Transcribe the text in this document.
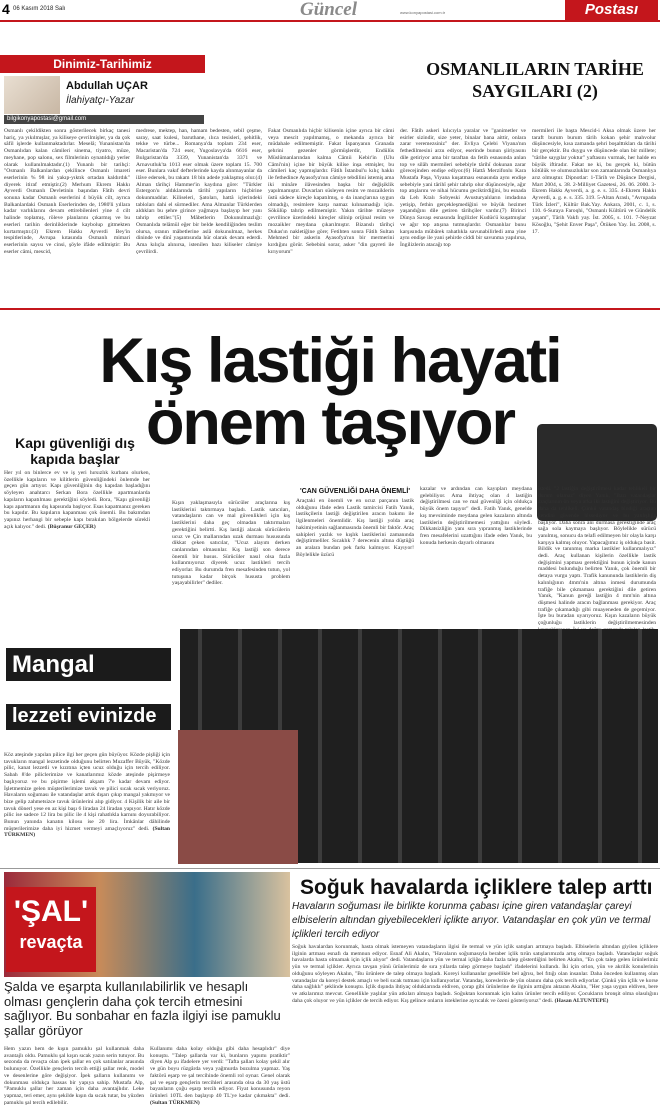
4 06 Kasım 2018 Salı	Güncel	www.konyapostasi.com.tr	Postası
Dinimiz-Tarihimiz
Abdullah UÇAR
İlahiyatçı-Yazar
bilgikonyapostasi@gmail.com
OSMANLILARIN TARİHE SAYGILARI (2)
Osmanlı çekildikten sonra gösterilecek birkaç tanesi hariç, ya yıkılmışlar, ya kiliseye çevrilmişler, ya da çok sâfil işlerde kullanmaktadırlar. Meselâ; Yunanistan'da Osmanlıdan kalan câmileri sinema, tiyatro, müze, meyhane, pop salonu, sex filmlerinin oynatıldığı yerler olarak kullanılmaktadır.(1) Yunanlı bir tarihçi: "Osmanlı Balkanlardan çekilince Osmanlı imareti eserlerinin % 98 ini yakıp-yıktık ortadan kaldırdık" diyerek itiraf etmiştir.(2) Merhum Ekrem Hakkı Ayverdi Osmanlı Devletinin başından Fâtih devri sonuna kadar Osmanlı eserlerini 4 büyük cilt, ayrıca Balkanlardaki Osmanlı Eserlerinden de, 1980'li yıllara kadar varlıklarını devam ettirebilenleri yine 4 cilt halinde toplamış, röleve planlarını çıkarmış ve bu eserleri tarihin derinliklerinde kaybolup gitmekten kurtarmıştır.(3) Ekrem Hakkı Ayverdi Bey'in tespitlerinde, Avrupa kıtasında Osmanlı mimari eserlerinin sayısı ve cinsi, şöyle ifâde edilmiştir: Bu eserler câmi, mescid,
medrese, mektep, han, hamam bedesten, sebil çeşme, saray, saat kulesi, baruthane, ılıca tesisleri, şehitlik, tekke ve türbe... Romanya'da toplam 234 eser, Macaristan'da 724 eser, Yugoslavya'da 6616 eser, Bulgaristan'da 3339, Yunanistan'da 3371 ve Arnavutluk'ta 1013 eser olmak üzere toplam 15. 700 eser. Bunlara vakıf defterlerinde kayda alınmayanlar da ilâve edersek, bu rakam 18 bin adede yaklaşmış olur.(4) Alman târihçi Hammer'in kaydına göre: "Türkler Estergon'u aldıklarında târihî yapıların hiçbirine dokunmadılar. Kiliseleri, Şatoları, hattâ içlerindeki tabloları dahi el sürmediler. Ama Almanlar Türklerden aldıkları bu şehre girince yağmaya başlayıp her yanı tahrip ettiler."(5) Mâbetlerin Dokunulmazlığı: Osmanlıda telâmül eğer bir belde kendiliğinden teslim olursa, oranın mâbetlerine aslâ dokunulmaz, herkes dininde ve dinî yaşantısında hür olarak devam ederdi. Ama kılıçla alınırsa, istenilen bazı kiliseler câmiye çevrilirdi.
Fakat Osmanlıda hiçbir kilisenin içine ayrıca bir câmi veya mescit yapılmamış, o mekanda ayrıca bir müdahale edilmemiştir. Fakat İspanyanın Granada şehrini gezenler görmüşlerdir, Endülüs Müslümanlarından kalma Câmii Kebir'in (Ulu Câmi'nin) içine bir büyük kilise inşa etmişler, bu câmileri kaç yapmışlardır. Fâtih İstanbul'u kılıç hakkı ile fethedince Ayasofya'nın câmiye tebdilini istemiş ama iki minâre ilâvesinden başka bir değişiklik yapılmamıştır. Duvarları süsleyen resim ve mozaiklerin üstü sâdece kireçle kapatılmış, o da inançlarına uygun olmadığı, resimlere karşı namaz kılınamadığı için. Sökülüp tahrip edilmemiştir. Yakın târihte müzeye çevrilince üzerindeki kireçler silinip orijinal resim ve mozaikler meydana çıkarılmıştır. Bizanslı târihçi Dukas'ın nakletiğine göre; Fetihten sonra Fâtih Sultan Mehmed bir askerin Ayasofya'nın bir mermerini kırdığını görür. Sebebini sorar, asker "din gayreti ile kırıyorum"
der. Fâtih askeri kılıcıyla yaralar ve "ganimetler ve esirler sizindir, size yeter, binalar bana aittir, onlara zarar veremezsiniz" der. Evliya Çelebi Viyana'nın fethedilmesini arzu ediyor, eserinde bunun şiiriyasını dile getiriyor ama bir taraftan da fetih esnasında anlan top ve silâh mermileri sebebiyle târihî dokunan zarar görecejinden endişe ediyor.(6) Hattâ Merzifonlu Kara Mustafa Paşa, Viyana kuşatması esnasında aynı endişe sebebiyle yani târihî şehir tahrip olur düşüncesiyle, ağır top atışlarını ve nihai hücumu geciktirdiğini, bu esnada da Leh Kralı Sobyeski Avusturyalıların imdadına yetişip, fethin gerçekleşmediğini ve büyük hezimet yaşandığını dile getiren târihçiler vardır.(7) Birinci Dünya Savaşı esnasında İngilizler Kudüs'ü kuşatmışlar ve ağır top atışına tutmuşlardır. Osmanlılar bunu karşısında mübârek rahatlıkla savunabilirledi ama yine aynı endişe ile yani şehirde ciddi bir savunma yapılırsa, İngilizlerin atacağı top
mermileri ile başta Mescid-i Aksa olmak üzere her taraft burum burum târih kokan şehir mahvolur düşüncesiyle, kısa zamanda şehri boşalttıkları da târihi bir gerçektir. Bu duygu ve düşüncede olan bir millete; "târihe saygılar yoktur" yaftasını vurmak, her halde en büyük iftiradır. Fakat ne ki, bu gerçek ki, bütün kötülük ve olumsuzluklar son zamanlarında Osmanlıya arız olmuştur. Dipnotlar: 1-Târih ve Düşünce Dergisi, Mart 2004, s. 38. 2-Milliyet Gazetesi, 26. 06. 2000. 3-Ekrem Hakkı Ayverdi, a. g. e. s. 335. 4-Ekrem Hakkı Ayverdi, a. g. e. s. 335. 319. 5-Altan Araslı, "Avrupada Türk İzleri", Kültür Bak.Yay. Ankara, 2001, c. 1, s. 110. 6-Suraya Faroqhi, "Osmanlı Kültürü ve Gündelik yaşam", Târih Vakfı yay. İst. 2005, s. 101. 7-Neyzat Kösoğlu, "Şehit Enver Paşa", Ötüken Yay. İst. 2008, s. 17.
Kış lastiği hayati
önem taşıyor
Kapı güvenliği dış kapıda başlar
Her yıl on binlerce ev ve iş yeri hırsızlık kurbanı olurken, özellikle kapıların ve kilitlerin güvenliğindeki önlemde her geçen gün artıyor. Kapı güvenliğinin dış kapıdan başladığını söyleyen anahtarcı Serkan Bora özellikle apartmanlarda kapıların kapatılması gerektiğini söyledi. Bora, "Kapı güvenliği kapı apartmanın dış kapısında başlıyor. Esas kapatmanız gereken bu kapıdır. Bu kapıların kapanması çok önemli. Bu bakımdan yapınız herhangi bir sebeple kapı bırakılan bölgelerde sürekli açık kalıyor." dedi. (Büşranur GEÇER)
Kışın yaklaşmasıyla sürücüler araçlarına kış lastiklerini taktırmaya başladı. Lastik satıcıları, vatandaşların can ve mal güvenlikleri için kış lastiklerini daha geç olmadan taktırmaları gerektiğini belirtti. Kış lastiği alacak sürücülerin ucuz ve Çin mallarından uzak durması hususunda dikkat çeken satıcılar, "Ucuz alayım derken canlarından olmasınlar. Kış lastiği son derece önemli bir husus. Sürücüler nasıl olsa fazla kullanmıyoruz diyerek ucuz lastikleri tercih ediyorlar. Bu durumda fren mesafesinden tutun, yol tutuşuna kadar birçok hususta problem yaşayabilirler" dediler.
'CAN GÜVENLİĞİ DAHA ÖNEMLİ'
Araçtaki en önemli ve en ucuz parçanın lastik olduğunu ifade eden Lastik tamircisi Fatih Yanık, lastikçilerin lastiği değiştirilen aracın bakımı ile ilgilenmeleri önemlidir. Kış lastiği yolda araç hakimiyetinin sağlanmasında önemli bir faktör. Araç sahipleri yazlık ve kışlık lastiklerini zamanında değiştirmeliler. Sıcaklık 7 derecenin altına düştüğü an aralara bundan pek farkı kalmıyor. Kayıyor! Böylelikle üzücü
kazalar ve ardından can kayıpları meydana gelebiliyor. Ama ihtiyaç olan 4 lastiğin değiştirilmesi can ve mal güvenliği için oldukça büyük önem taşıyor" dedi. Fatih Yanık, genelde kış mevsiminde meydana gelen kazaların altında lastiklerin değiştirilmemesi yattığını söyledi. Dikkatsizliğin yanı sıra yıpranmış lastiklerinde fren mesafelerini uzattığını ifade eden Yanık, bu konuda herkesin dayarlı olmasını
istedi. "2 lastiğin değiştirilmesi kadar tehlikeli bir durum olamaz" diyen Yanık, "Bazı vatandaşlar araçlarının ön veya arka iki lastiğini değiştiriyor. Bu daha da tehlikeli. Çünkü vatandaş bindiği araçtan kendini güvende hissediyor ve bu yanlışlığa başlıyor. Daha sonra ani durmasa gerektiğinde araç sağa sola kaymaya başlıyor. Böylelikle sürücü yanılmış, sonucu da telafi edilmeyen bir olayla karşı karşıya kalmış oluyor. Yapacağımız iş oldukça basit. Bildik ve tanınmış marka lastikler kullanmalıyız" dedi. Araç kullanan kişilerin özellikle lastik değişimini yapması gerektiğini bunun içinde kanun maddesi bulunduğu belirten Yanık, çok önemli bir detaya vurgu yaptı. Trafik kanununda lastiklerin diş kalınlığının 4mm'nin altına inmesi durumunda trafiğe bile çıkmaması gerektiğini dile getiren Yanık, "Kanun gereği lastiğin 4 mm'nin altına düşmesi halinde aracın bağlanması gerekiyor. Araç trafiğe çıkamadığı gibi muayeneden de geçemiyor. İşte bu buradan uyarıyoruz. Kışın kazaların büyük çoğunluğu lastiklerin değiştirilmemesinden
Mangal
lezzeti evinizde
Köz ateşinde yapılan pilice ilgi her geçen gün büyüyor. Közde pişliği için tavukların mangal lezzetinde olduğunu belirten Muzaffer Büyük, "Közde pilic, kanat lezzetli ve kızıtına içten ucuz olduğu için tercih ediliyor. Sabah 8'de piliclerimize ve kanatlarımız közde ateşinde pişirmeye başlıyoruz ve bu pişirme işlemi akşam 7'e kadar devam ediyor. İşletmemize gelen müşterilerimize tavuk ve pilici sıcak sıcak veriyoruz. Havaların soğuması ile vatandaşlar artık dışarı çıkıp mangal yakmıyor ve bize gelip zahmetsizce tavuk ürünlerini alıp gidiyor. 4 Kişilik bir aile bir tavuk dönerl yese en az kişi başı 6 liradan 24 liradan yapıyor. Hatır közde pilic ise sadece 12 lira bu pilic ile 4 kişi rahatlıkla karnını doyurabiliyor. Bunun yanında kanatın kilosu ise 20 lira. İmkânlar dâhilinde müşterilerimize daha iyi hizmet vermeyi amaçlıyoruz" dedi. (Sultan TÜRKMEN)
'ŞAL'
revaçta
Şalda ve eşarpta kullanılabilirlik ve hesaplı olması gençlerin daha çok tercih etmesini sağlıyor. Bu sonbahar en fazla ilgiyi ise pamuklu şallar görüyor
Hem yazın hem de kışın pamuklu şal kullanmak daha avantajlı oldu. Pamuklu şal kışın sıcak yazın serin tutuyor. Bu sezonda da revaçta olan ipek şallar en çok satılanlar arasında bulunuyor. Özellikle gençlerin tercih ettiği şallar renk, model ve desenlerine göre değişiyor. İpek şalların kullanımı ve dokunması oldukça hassas bir yapıya sahip. Mustafa Alp, "Pamuklu şallar her zaman için daha avantajlıdır. Leke yapmaz, teri emer, aynı şekilde kışın da sıcak tutar, bu yüzden pamuklu şal tercih edilebilir.
Kullanımı daha kolay olduğu gibi daha hesaplıdır" diye konuştu. "Talep şallarda var ki, bunların yapımı pratiktir" diyen Alp şu ifadelere yer verdi: "Tafta şalları kolay şekil alır ve gün boyu rüzgârda veya yağmurda bozulma yapmaz. Yaş faktörü eşarp ve şal tercihinde önemli rol oynar. Genel olarak şal ve eşarp gençlerin tercihleri arasında olsa da 30 yaş üstü bayanların çoğu eşarp tercih ediyor. Fiyat konusunda reyon ürünleri 10TL den başlayıp 40 TL'ye kadar çıkmakta" dedi. (Sultan TÜRKMEN)
Soğuk havalarda içliklere talep arttı
Havaların soğuması ile birlikte korunma çabası içine giren vatandaşlar çareyi elbiselerin altından giyebilecekleri içlikte arıyor. Vatandaşlar en çok yün ve termal içlikleri tercih ediyor
Soğuk havalardan korunmak, hasta olmak istemeyen vatandaşların ilgisi ile termal ve yün içlik satışları artmaya başladı. Elbiselerin altından giyilen içliklere ilginin artması esnafı da memnun ediyor. Esnaf Ali Akalın, "Havaların soğumasıyla beraber içlik tırün satışlarımızda artış olmaya başladı. Vatandaşlar soğuk havalarda hasta olmamak için içlik alıyor" dedi. Vatandaşların yün ve termal içliğe daha fazla talep gösterdiğini belirten Akalın, "En çok talep gelen ürünlerimiz yün ve termal içlikler. Ayrıca tavşan yünü ürünlerimiz de sıra yıllarda talep görmeye başladı" ifadelerini kullandı. İki için orlon, yün ve akrilik konulerinin olduğunu söyleyen Akalın, "Bu ürünlere de talep olmaya başladı. Koreyi kullananlar genellikle bel ağrısı, bel fıtığı olan insanlar. Daha önceden kullanmış olan vatandaşlar da koreyi destek amaçlı ve beli sıcak tutması için kullanıyorlar. Vatandaş, koreslerin de yün olanını daha çok tercih ediyorlar. Çünkü yün içlik ve korse daha sağlıklı" şeklinde konuştu. İçlik dışında ihtiyaç olduklarında eldiven, çorap gibi ürünlerine de ilginin arttığını aktaran Akalın, "Her yaşa uygun eldiven, bere ve atkılarımız mevcut. Genellikle yaşlılar yün atkıları almaya başladı. Soğuktan korunmak için kalın ürünler tercih ediliyor. Çocukların bronşit olma olasılığını daha çok oluyor ve yün içlikler de tercih ediyor. Kış gelince onların isteklerine ayrıcalık ve özeni gösteriyoruz" dedi. (Hasan ALTUNTEPE)
